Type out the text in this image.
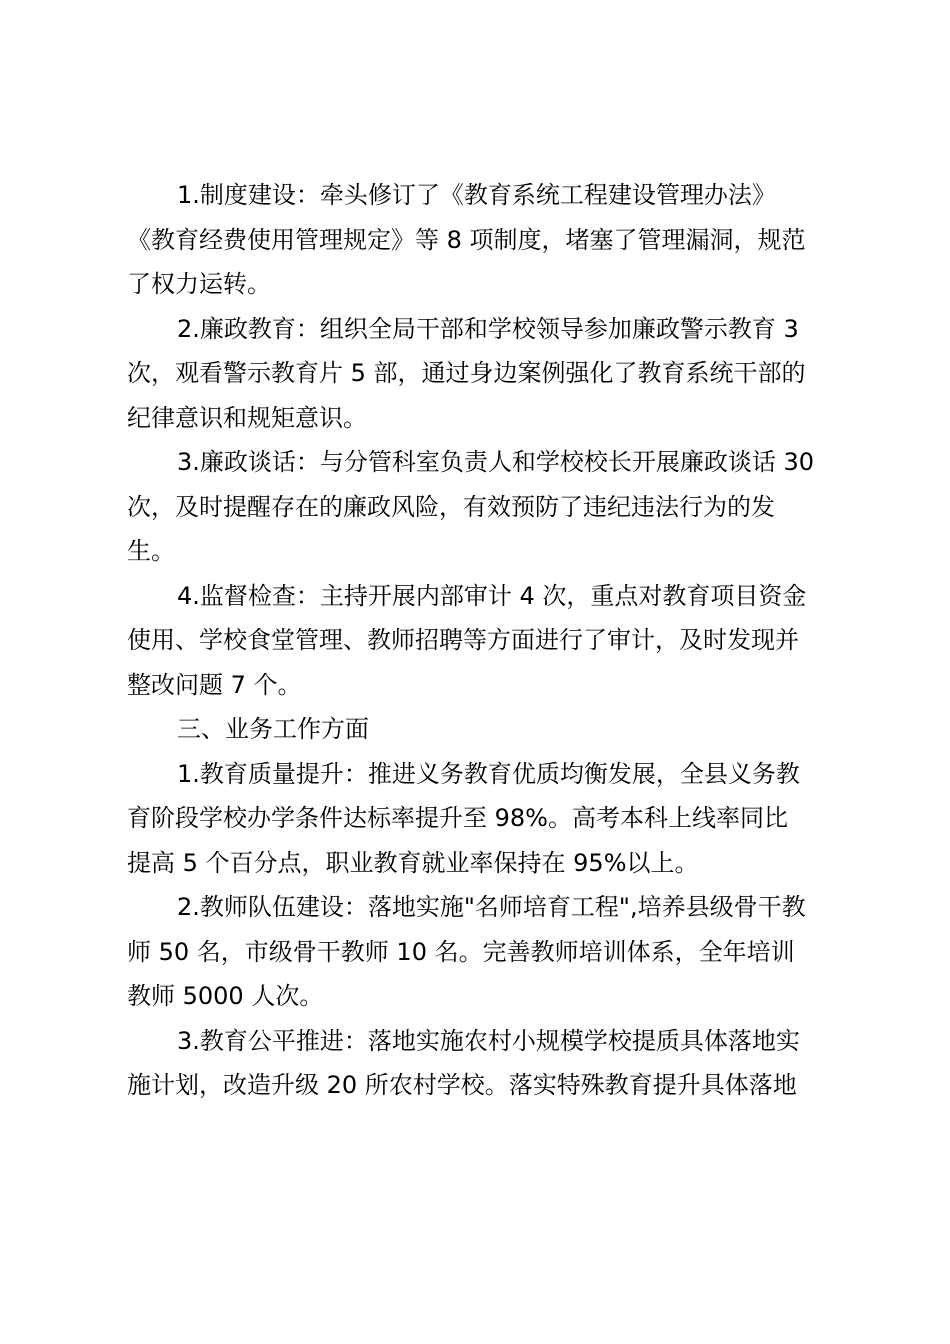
1.制度建设：牵头修订了《教育系统工程建设管理办法》
《教育经费使用管理规定》等 8 项制度，堵塞了管理漏洞，规范
了权力运转。
2.廉政教育：组织全局干部和学校领导参加廉政警示教育 3
次，观看警示教育片 5 部，通过身边案例强化了教育系统干部的
纪律意识和规矩意识。
3.廉政谈话：与分管科室负责人和学校校长开展廉政谈话 30
次，及时提醒存在的廉政风险，有效预防了违纪违法行为的发
生。
4.监督检查：主持开展内部审计 4 次，重点对教育项目资金
使用、学校食堂管理、教师招聘等方面进行了审计，及时发现并
整改问题 7 个。
三、业务工作方面
1.教育质量提升：推进义务教育优质均衡发展，全县义务教
育阶段学校办学条件达标率提升至 98%。高考本科上线率同比
提高 5 个百分点，职业教育就业率保持在 95%以上。
2.教师队伍建设：落地实施"名师培育工程",培养县级骨干教
师 50 名，市级骨干教师 10 名。完善教师培训体系，全年培训
教师 5000 人次。
3.教育公平推进：落地实施农村小规模学校提质具体落地实
施计划，改造升级 20 所农村学校。落实特殊教育提升具体落地
